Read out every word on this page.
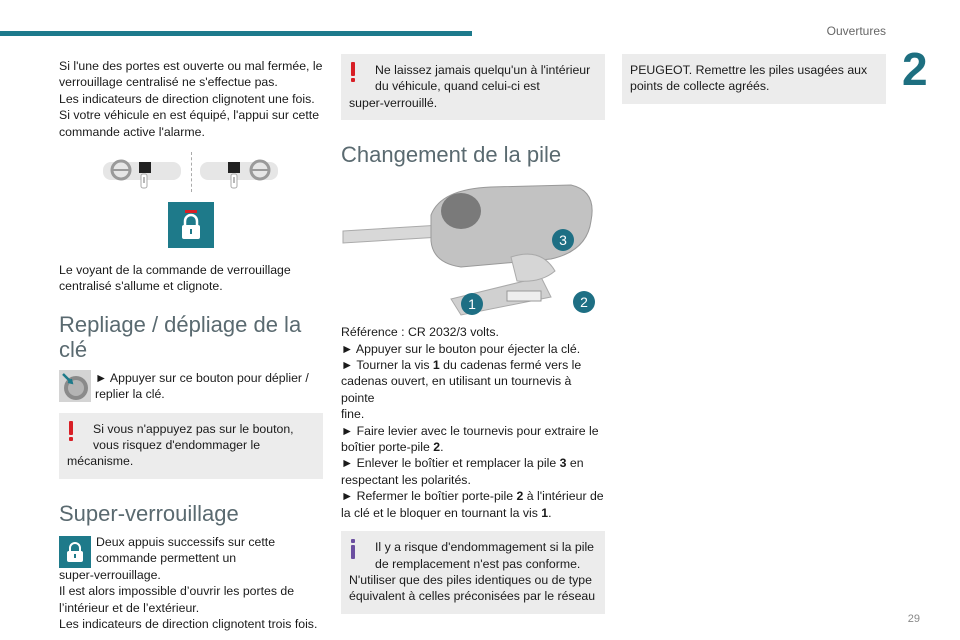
Ouvertures
2
29
Si l'une des portes est ouverte ou mal fermée, le
verrouillage centralisé ne s'effectue pas.
Les indicateurs de direction clignotent une fois.
Si votre véhicule en est équipé, l'appui sur cette
commande active l'alarme.
Le voyant de la commande de verrouillage
centralisé s'allume et clignote.
Repliage / dépliage de la
clé
► Appuyer sur ce bouton pour déplier /
replier la clé.
Si vous n'appuyez pas sur le bouton,
vous risquez d'endommager le
mécanisme.
Super-verrouillage
Deux appuis successifs sur cette
commande permettent un
super-verrouillage.
Il est alors impossible d’ouvrir les portes de
l’intérieur et de l’extérieur.
Les indicateurs de direction clignotent trois fois.
Ne laissez jamais quelqu'un à l'intérieur
du véhicule, quand celui-ci est
super-verrouillé.
Changement de la pile
3
1	2
Référence : CR 2032/3 volts.
► Appuyer sur le bouton pour éjecter la clé.
► Tourner la vis 1 du cadenas fermé vers le
cadenas ouvert, en utilisant un tournevis à pointe
fine.
► Faire levier avec le tournevis pour extraire le
boîtier porte-pile 2.
► Enlever le boîtier et remplacer la pile 3 en
respectant les polarités.
► Refermer le boîtier porte-pile 2 à l'intérieur de
la clé et le bloquer en tournant la vis 1.
Il y a risque d'endommagement si la pile
de remplacement n'est pas conforme.
N'utiliser que des piles identiques ou de type
équivalent à celles préconisées par le réseau
PEUGEOT. Remettre les piles usagées aux
points de collecte agréés.
